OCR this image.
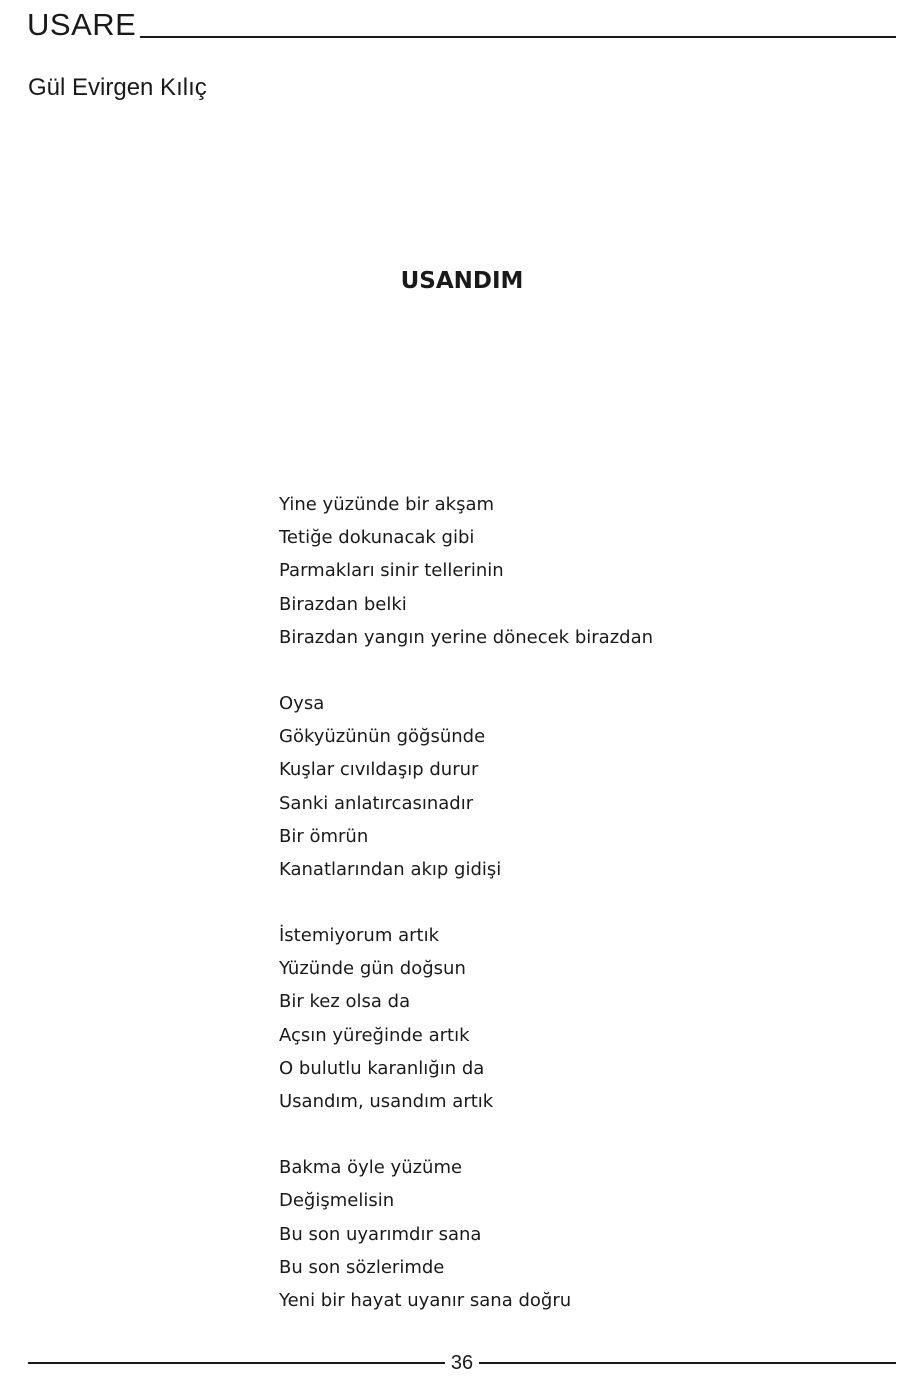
USARE
Gül Evirgen Kılıç
USANDIM
Yine yüzünde bir akşam
Tetiğe dokunacak gibi
Parmakları sinir tellerinin
Birazdan belki
Birazdan yangın yerine dönecek birazdan
Oysa
Gökyüzünün göğsünde
Kuşlar cıvıldaşıp durur
Sanki anlatırcasınadır
Bir ömrün
Kanatlarından akıp gidişi
İstemiyorum artık
Yüzünde gün doğsun
Bir kez olsa da
Açsın yüreğinde artık
O bulutlu karanlığın da
Usandım, usandım artık
Bakma öyle yüzüme
Değişmelisin
Bu son uyarımdır sana
Bu son sözlerimde
Yeni bir hayat uyanır sana doğru
36
